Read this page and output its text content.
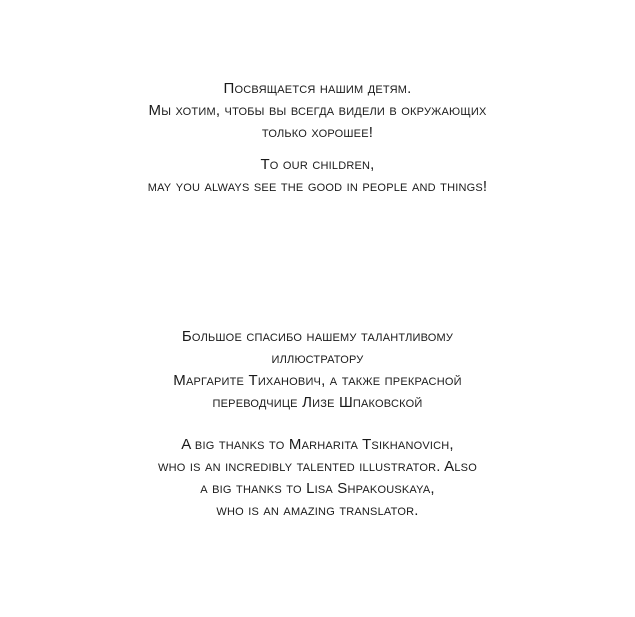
Посвящается нашим детям.
Мы хотим, чтобы вы всегда видели в окружающих
только хорошее!
To our children,
may you always see the good in people and things!
Большое спасибо нашему талантливому
иллюстратору
Маргарите Тиханович, а также прекрасной
переводчице Лизе Шпаковской
A big thanks to Marharita Tsikhanovich,
who is an incredibly talented illustrator. Also
a big thanks to Lisa Shpakouskaya,
who is an amazing translator.
